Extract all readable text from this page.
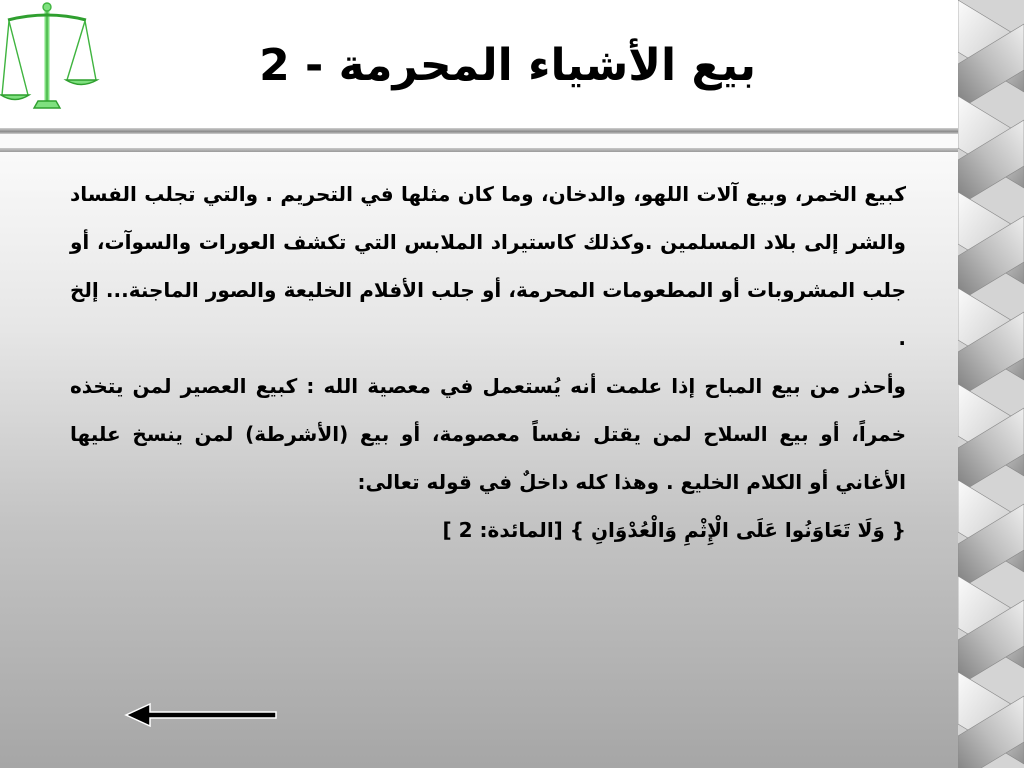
بيع الأشياء المحرمة - 2

كبيع الخمر، وبيع آلات اللهو، والدخان، وما كان مثلها في التحريم . والتي تجلب الفساد والشر إلى بلاد المسلمين .وكذلك كاستيراد الملابس التي تكشف العورات والسوآت، أو جلب المشروبات أو المطعومات المحرمة، أو جلب الأفلام الخليعة والصور الماجنة... إلخ .

وأحذر من بيع المباح إذا علمت أنه يُستعمل في معصية الله : كبيع العصير لمن يتخذه خمراً، أو بيع السلاح لمن يقتل نفساً معصومة، أو بيع (الأشرطة) لمن ينسخ عليها الأغاني أو الكلام الخليع . وهذا كله داخلٌ في قوله تعالى:

{ وَلَا تَعَاوَنُوا عَلَى الْإِثْمِ وَالْعُدْوَانِ } [المائدة: 2 ]
